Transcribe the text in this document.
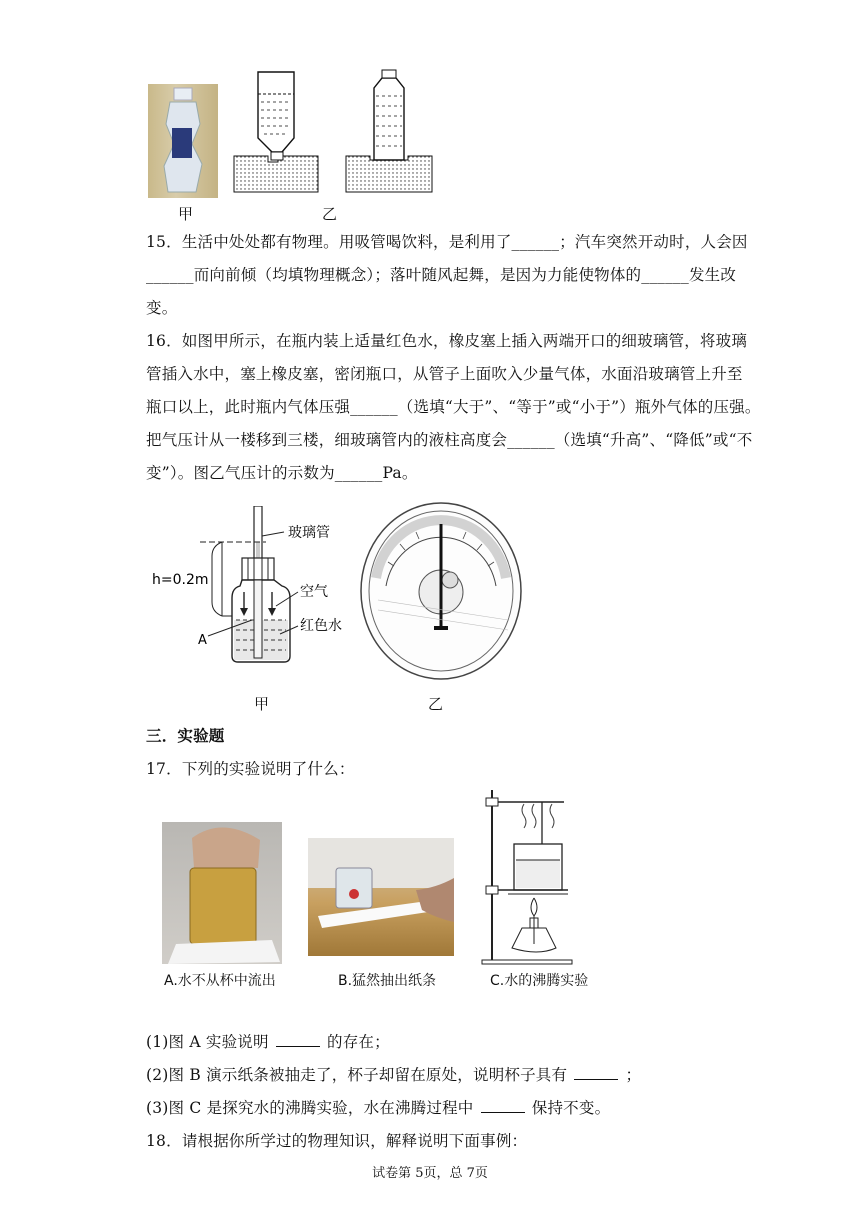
甲	乙
15．生活中处处都有物理。用吸管喝饮料，是利用了______；汽车突然开动时，人会因
______而向前倾（均填物理概念）；落叶随风起舞，是因为力能使物体的______发生改
变。
16．如图甲所示，在瓶内装上适量红色水，橡皮塞上插入两端开口的细玻璃管，将玻璃
管插入水中，塞上橡皮塞，密闭瓶口，从管子上面吹入少量气体，水面沿玻璃管上升至
瓶口以上，此时瓶内气体压强______（选填“大于”、“等于”或“小于”）瓶外气体的压强。
把气压计从一楼移到三楼，细玻璃管内的液柱高度会______（选填“升高”、“降低”或“不
变”）。图乙气压计的示数为______Pa。
h=0.2m
玻璃管
空气
A
红色水
甲	乙
三．实验题
17．下列的实验说明了什么：
A.水不从杯中流出	B.猛然抽出纸条	C.水的沸腾实验
(1)图 A 实验说明	的存在；
(2)图 B 演示纸条被抽走了，杯子却留在原处，说明杯子具有	；
(3)图 C 是探究水的沸腾实验，水在沸腾过程中	保持不变。
18．请根据你所学过的物理知识，解释说明下面事例：
试卷第 5页，总 7页
